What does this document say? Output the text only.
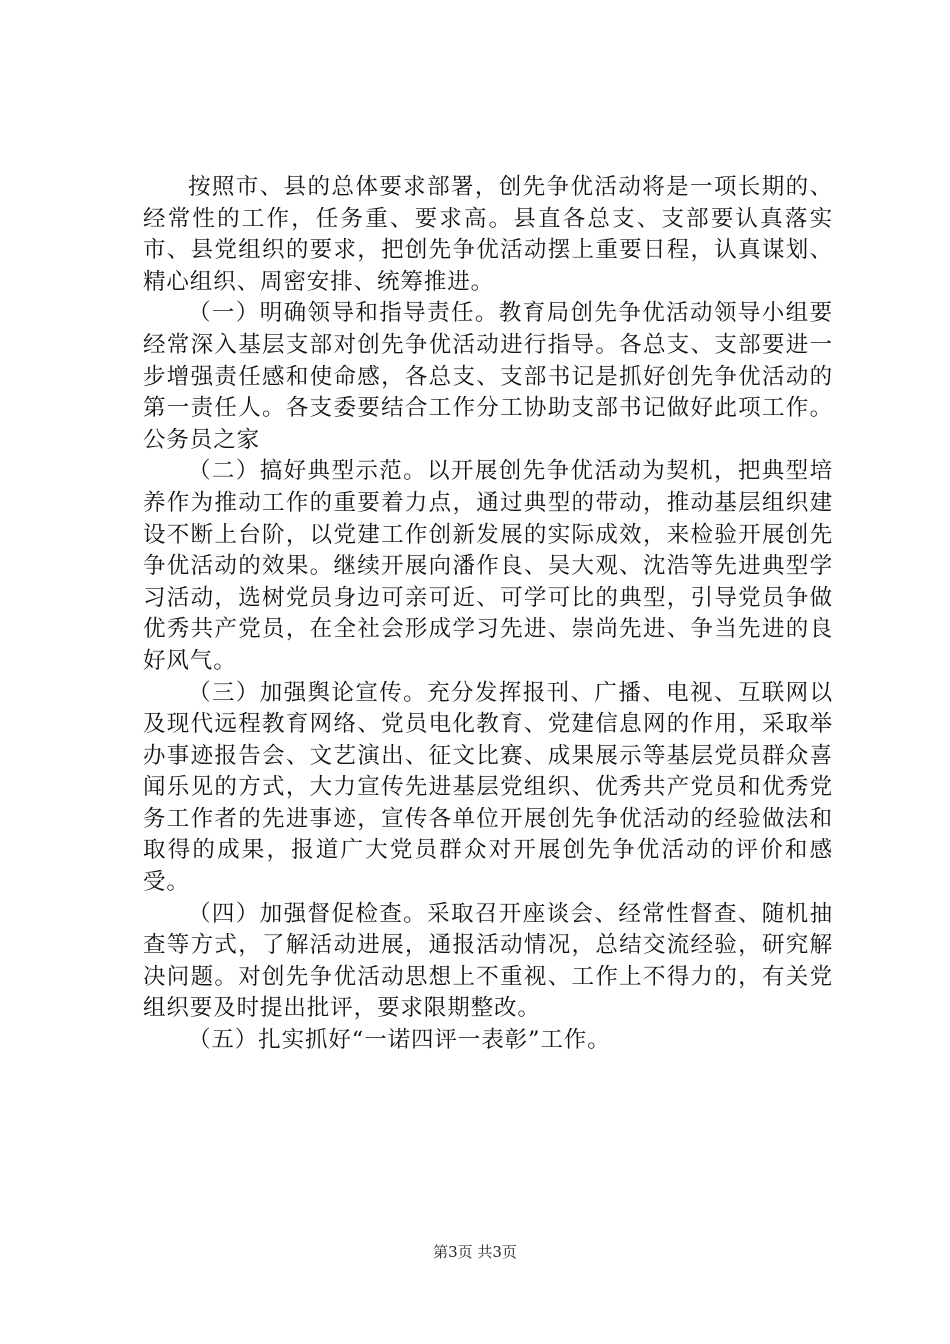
按照市、县的总体要求部署，创先争优活动将是一项长期的、经常性的工作，任务重、要求高。县直各总支、支部要认真落实市、县党组织的要求，把创先争优活动摆上重要日程，认真谋划、精心组织、周密安排、统筹推进。

（一）明确领导和指导责任。教育局创先争优活动领导小组要经常深入基层支部对创先争优活动进行指导。各总支、支部要进一步增强责任感和使命感，各总支、支部书记是抓好创先争优活动的第一责任人。各支委要结合工作分工协助支部书记做好此项工作。公务员之家

（二）搞好典型示范。以开展创先争优活动为契机，把典型培养作为推动工作的重要着力点，通过典型的带动，推动基层组织建设不断上台阶，以党建工作创新发展的实际成效，来检验开展创先争优活动的效果。继续开展向潘作良、吴大观、沈浩等先进典型学习活动，选树党员身边可亲可近、可学可比的典型，引导党员争做优秀共产党员，在全社会形成学习先进、崇尚先进、争当先进的良好风气。

（三）加强舆论宣传。充分发挥报刊、广播、电视、互联网以及现代远程教育网络、党员电化教育、党建信息网的作用，采取举办事迹报告会、文艺演出、征文比赛、成果展示等基层党员群众喜闻乐见的方式，大力宣传先进基层党组织、优秀共产党员和优秀党务工作者的先进事迹，宣传各单位开展创先争优活动的经验做法和取得的成果，报道广大党员群众对开展创先争优活动的评价和感受。

（四）加强督促检查。采取召开座谈会、经常性督查、随机抽查等方式，了解活动进展，通报活动情况，总结交流经验，研究解决问题。对创先争优活动思想上不重视、工作上不得力的，有关党组织要及时提出批评，要求限期整改。

（五）扎实抓好“一诺四评一表彰”工作。

第3页 共3页
